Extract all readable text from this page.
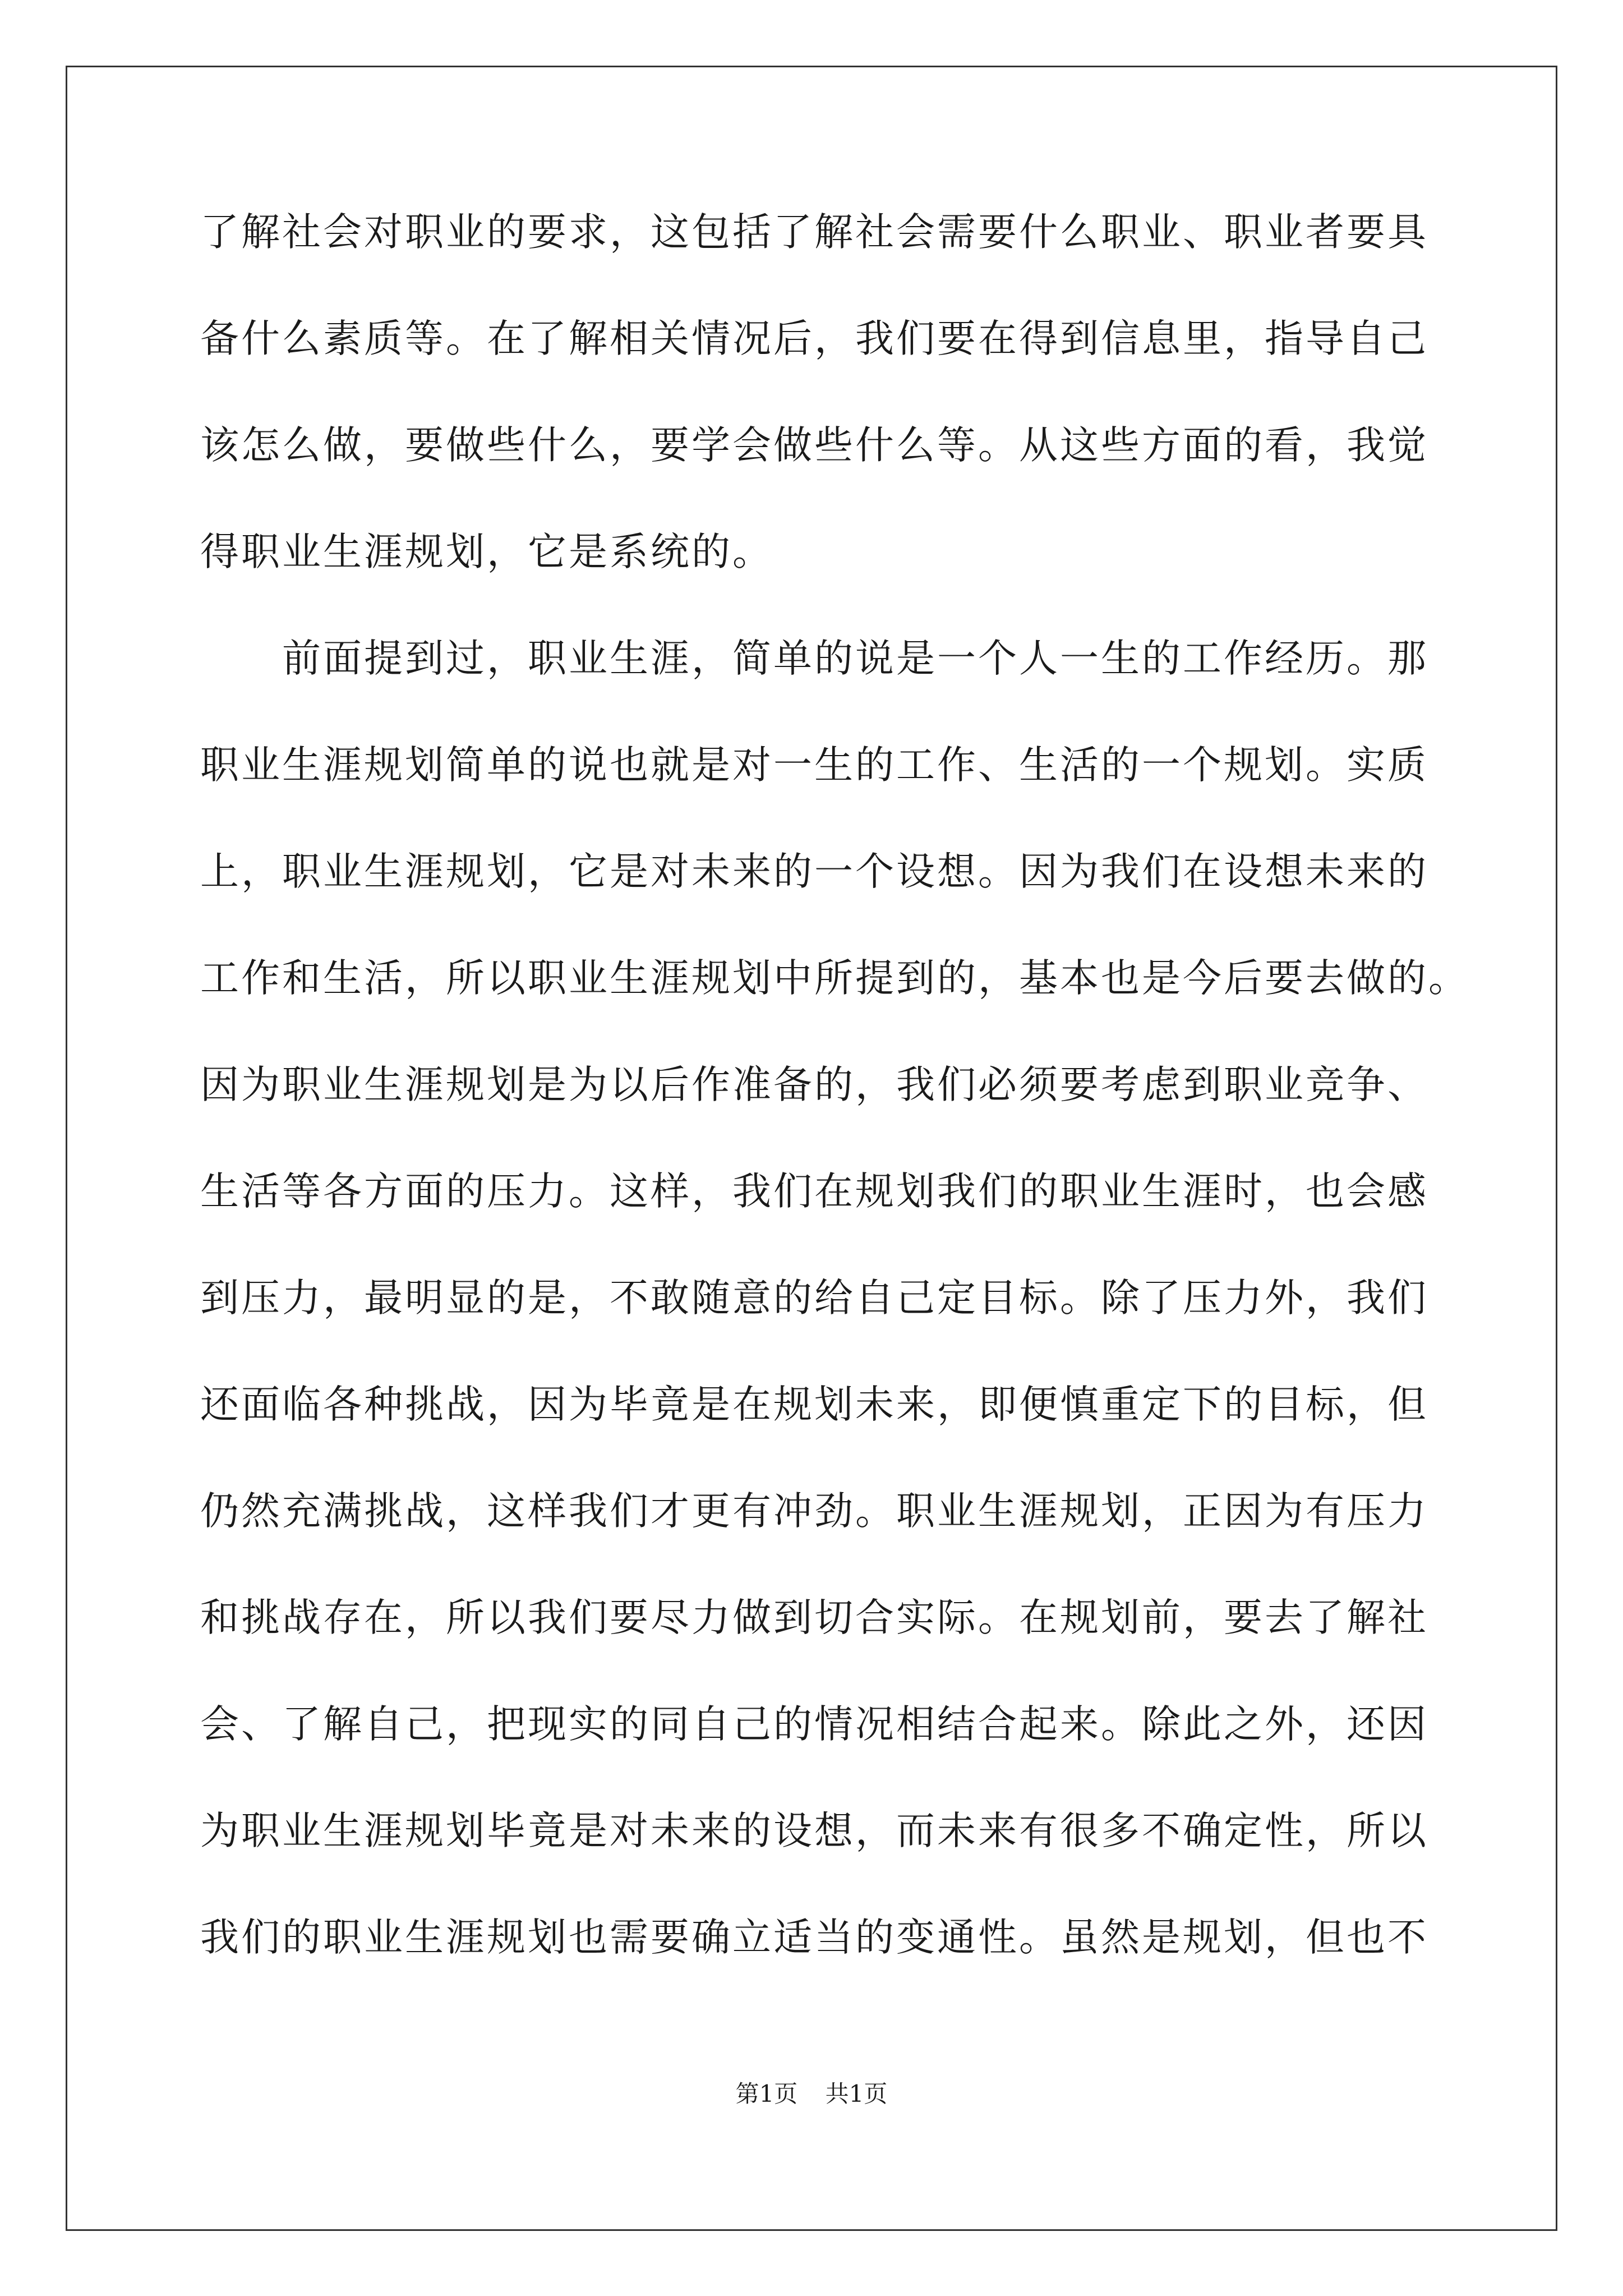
了解社会对职业的要求，这包括了解社会需要什么职业、职业者要具
备什么素质等。在了解相关情况后，我们要在得到信息里，指导自己
该怎么做，要做些什么，要学会做些什么等。从这些方面的看，我觉
得职业生涯规划，它是系统的。
　　前面提到过，职业生涯，简单的说是一个人一生的工作经历。那
职业生涯规划简单的说也就是对一生的工作、生活的一个规划。实质
上，职业生涯规划，它是对未来的一个设想。因为我们在设想未来的
工作和生活，所以职业生涯规划中所提到的，基本也是今后要去做的。
因为职业生涯规划是为以后作准备的，我们必须要考虑到职业竞争、
生活等各方面的压力。这样，我们在规划我们的职业生涯时，也会感
到压力，最明显的是，不敢随意的给自己定目标。除了压力外，我们
还面临各种挑战，因为毕竟是在规划未来，即便慎重定下的目标，但
仍然充满挑战，这样我们才更有冲劲。职业生涯规划，正因为有压力
和挑战存在，所以我们要尽力做到切合实际。在规划前，要去了解社
会、了解自己，把现实的同自己的情况相结合起来。除此之外，还因
为职业生涯规划毕竟是对未来的设想，而未来有很多不确定性，所以
我们的职业生涯规划也需要确立适当的变通性。虽然是规划，但也不
第1页 共1页
